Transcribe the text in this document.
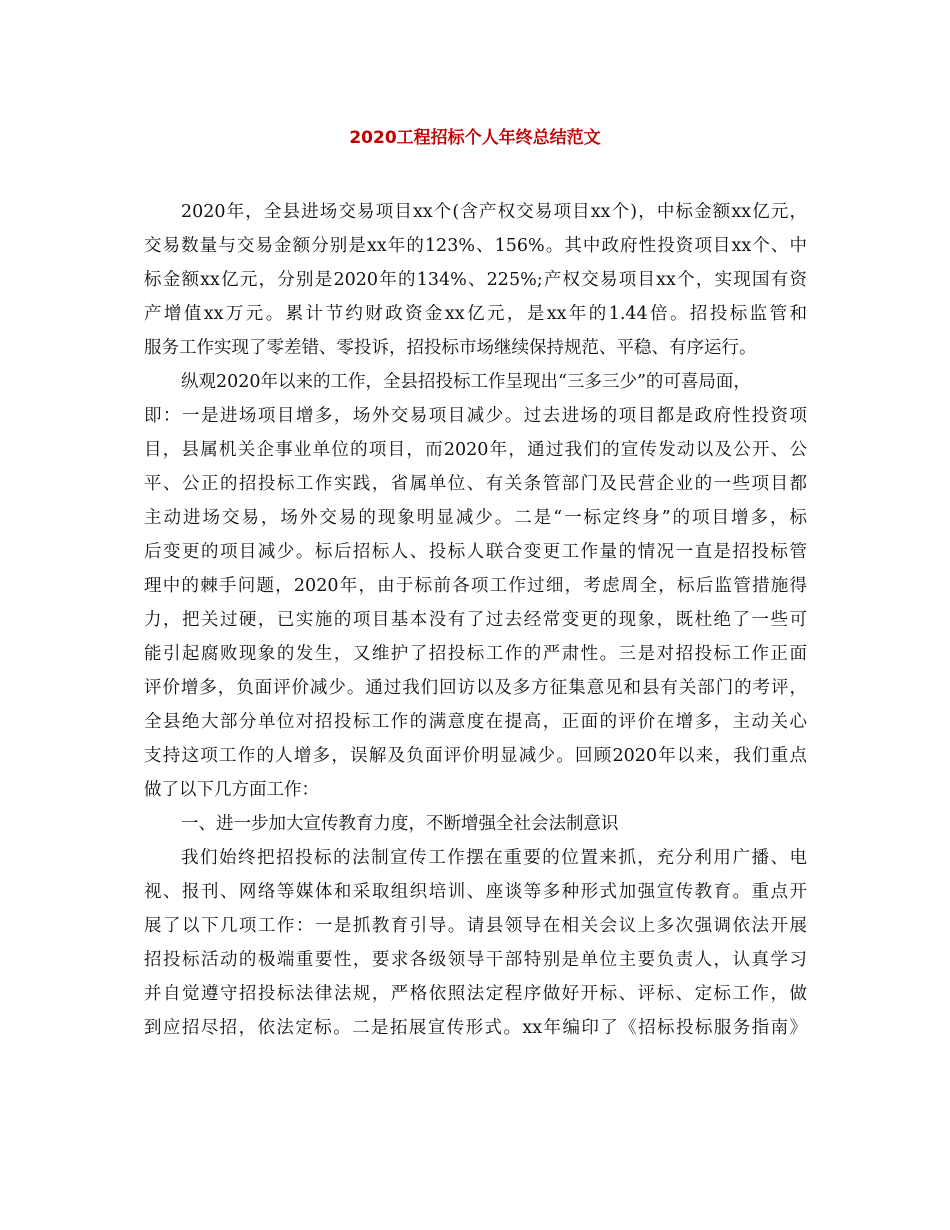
2020工程招标个人年终总结范文
2020年，全县进场交易项目xx个(含产权交易项目xx个)，中标金额xx亿元，
交易数量与交易金额分别是xx年的123%、156%。其中政府性投资项目xx个、中
标金额xx亿元，分别是2020年的134%、225%;产权交易项目xx个，实现国有资
产增值xx万元。累计节约财政资金xx亿元，是xx年的1.44倍。招投标监管和
服务工作实现了零差错、零投诉，招投标市场继续保持规范、平稳、有序运行。
纵观2020年以来的工作，全县招投标工作呈现出“三多三少”的可喜局面，
即：一是进场项目增多，场外交易项目减少。过去进场的项目都是政府性投资项
目，县属机关企事业单位的项目，而2020年，通过我们的宣传发动以及公开、公
平、公正的招投标工作实践，省属单位、有关条管部门及民营企业的一些项目都
主动进场交易，场外交易的现象明显减少。二是“一标定终身”的项目增多，标
后变更的项目减少。标后招标人、投标人联合变更工作量的情况一直是招投标管
理中的棘手问题，2020年，由于标前各项工作过细，考虑周全，标后监管措施得
力，把关过硬，已实施的项目基本没有了过去经常变更的现象，既杜绝了一些可
能引起腐败现象的发生，又维护了招投标工作的严肃性。三是对招投标工作正面
评价增多，负面评价减少。通过我们回访以及多方征集意见和县有关部门的考评，
全县绝大部分单位对招投标工作的满意度在提高，正面的评价在增多，主动关心
支持这项工作的人增多，误解及负面评价明显减少。回顾2020年以来，我们重点
做了以下几方面工作：
一、进一步加大宣传教育力度，不断增强全社会法制意识
我们始终把招投标的法制宣传工作摆在重要的位置来抓，充分利用广播、电
视、报刊、网络等媒体和采取组织培训、座谈等多种形式加强宣传教育。重点开
展了以下几项工作：一是抓教育引导。请县领导在相关会议上多次强调依法开展
招投标活动的极端重要性，要求各级领导干部特别是单位主要负责人，认真学习
并自觉遵守招投标法律法规，严格依照法定程序做好开标、评标、定标工作，做
到应招尽招，依法定标。二是拓展宣传形式。xx年编印了《招标投标服务指南》
